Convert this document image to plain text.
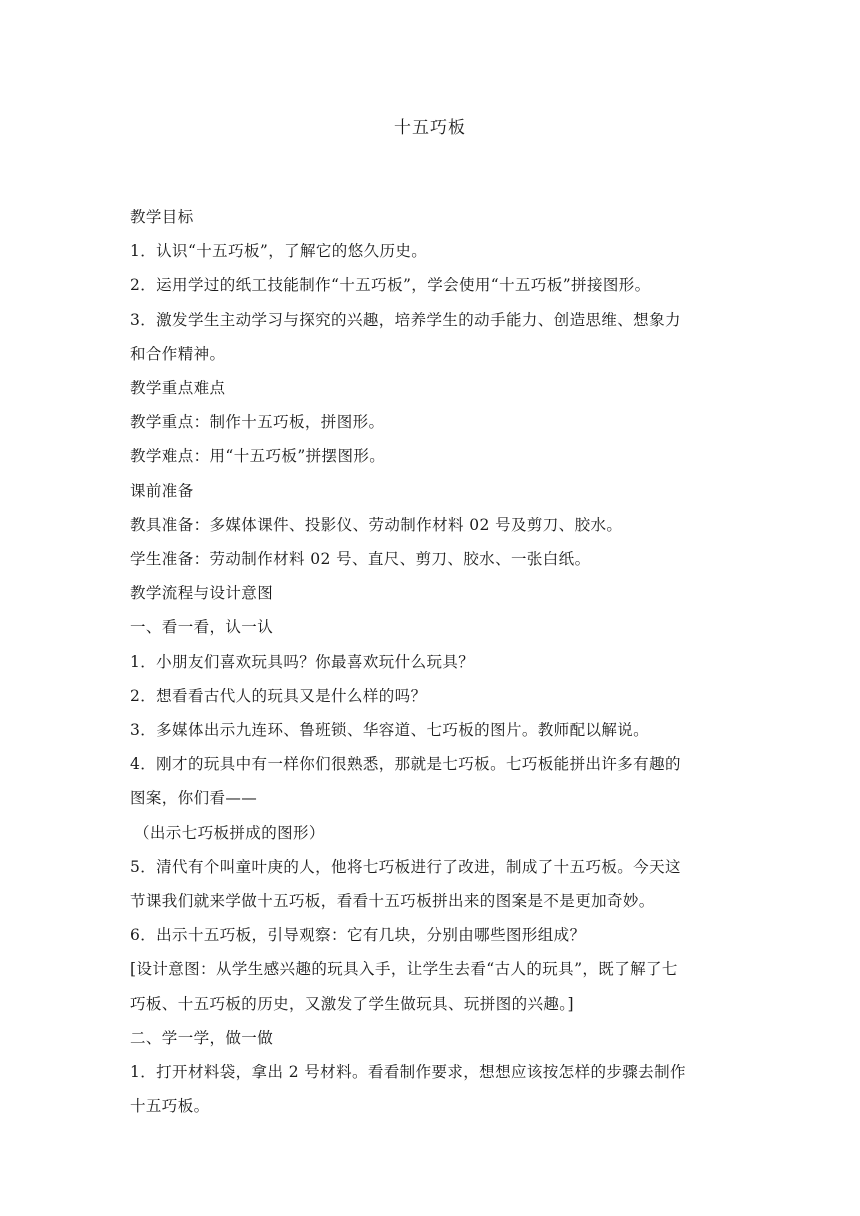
十五巧板
教学目标
1．认识“十五巧板”，了解它的悠久历史。
2．运用学过的纸工技能制作“十五巧板”，学会使用“十五巧板”拼接图形。
3．激发学生主动学习与探究的兴趣，培养学生的动手能力、创造思维、想象力
和合作精神。
教学重点难点
教学重点：制作十五巧板，拼图形。
教学难点：用“十五巧板”拼摆图形。
课前准备
教具准备：多媒体课件、投影仪、劳动制作材料 02 号及剪刀、胶水。
学生准备：劳动制作材料 02 号、直尺、剪刀、胶水、一张白纸。
教学流程与设计意图
一、看一看，认一认
1．小朋友们喜欢玩具吗？你最喜欢玩什么玩具？
2．想看看古代人的玩具又是什么样的吗？
3．多媒体出示九连环、鲁班锁、华容道、七巧板的图片。教师配以解说。
4．刚才的玩具中有一样你们很熟悉，那就是七巧板。七巧板能拼出许多有趣的
图案，你们看——
（出示七巧板拼成的图形）
5．清代有个叫童叶庚的人，他将七巧板进行了改进，制成了十五巧板。今天这
节课我们就来学做十五巧板，看看十五巧板拼出来的图案是不是更加奇妙。
6．出示十五巧板，引导观察：它有几块，分别由哪些图形组成？
[设计意图：从学生感兴趣的玩具入手，让学生去看“古人的玩具”，既了解了七
巧板、十五巧板的历史，又激发了学生做玩具、玩拼图的兴趣。]
二、学一学，做一做
1．打开材料袋，拿出 2 号材料。看看制作要求，想想应该按怎样的步骤去制作
十五巧板。
